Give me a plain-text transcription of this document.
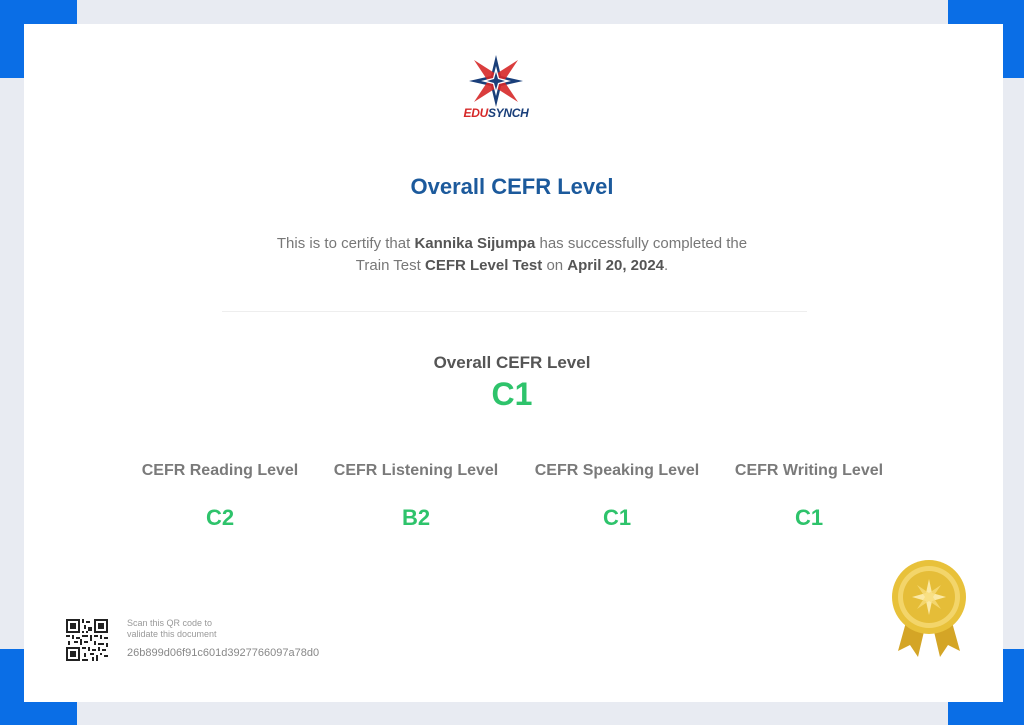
EDUSYNCH
Overall CEFR Level
This is to certify that Kannika Sijumpa has successfully completed the
Train Test CEFR Level Test on April 20, 2024.
Overall CEFR Level
C1
CEFR Reading Level
C2
CEFR Listening Level
B2
CEFR Speaking Level
C1
CEFR Writing Level
C1
Scan this QR code to
validate this document
26b899d06f91c601d3927766097a78d0
